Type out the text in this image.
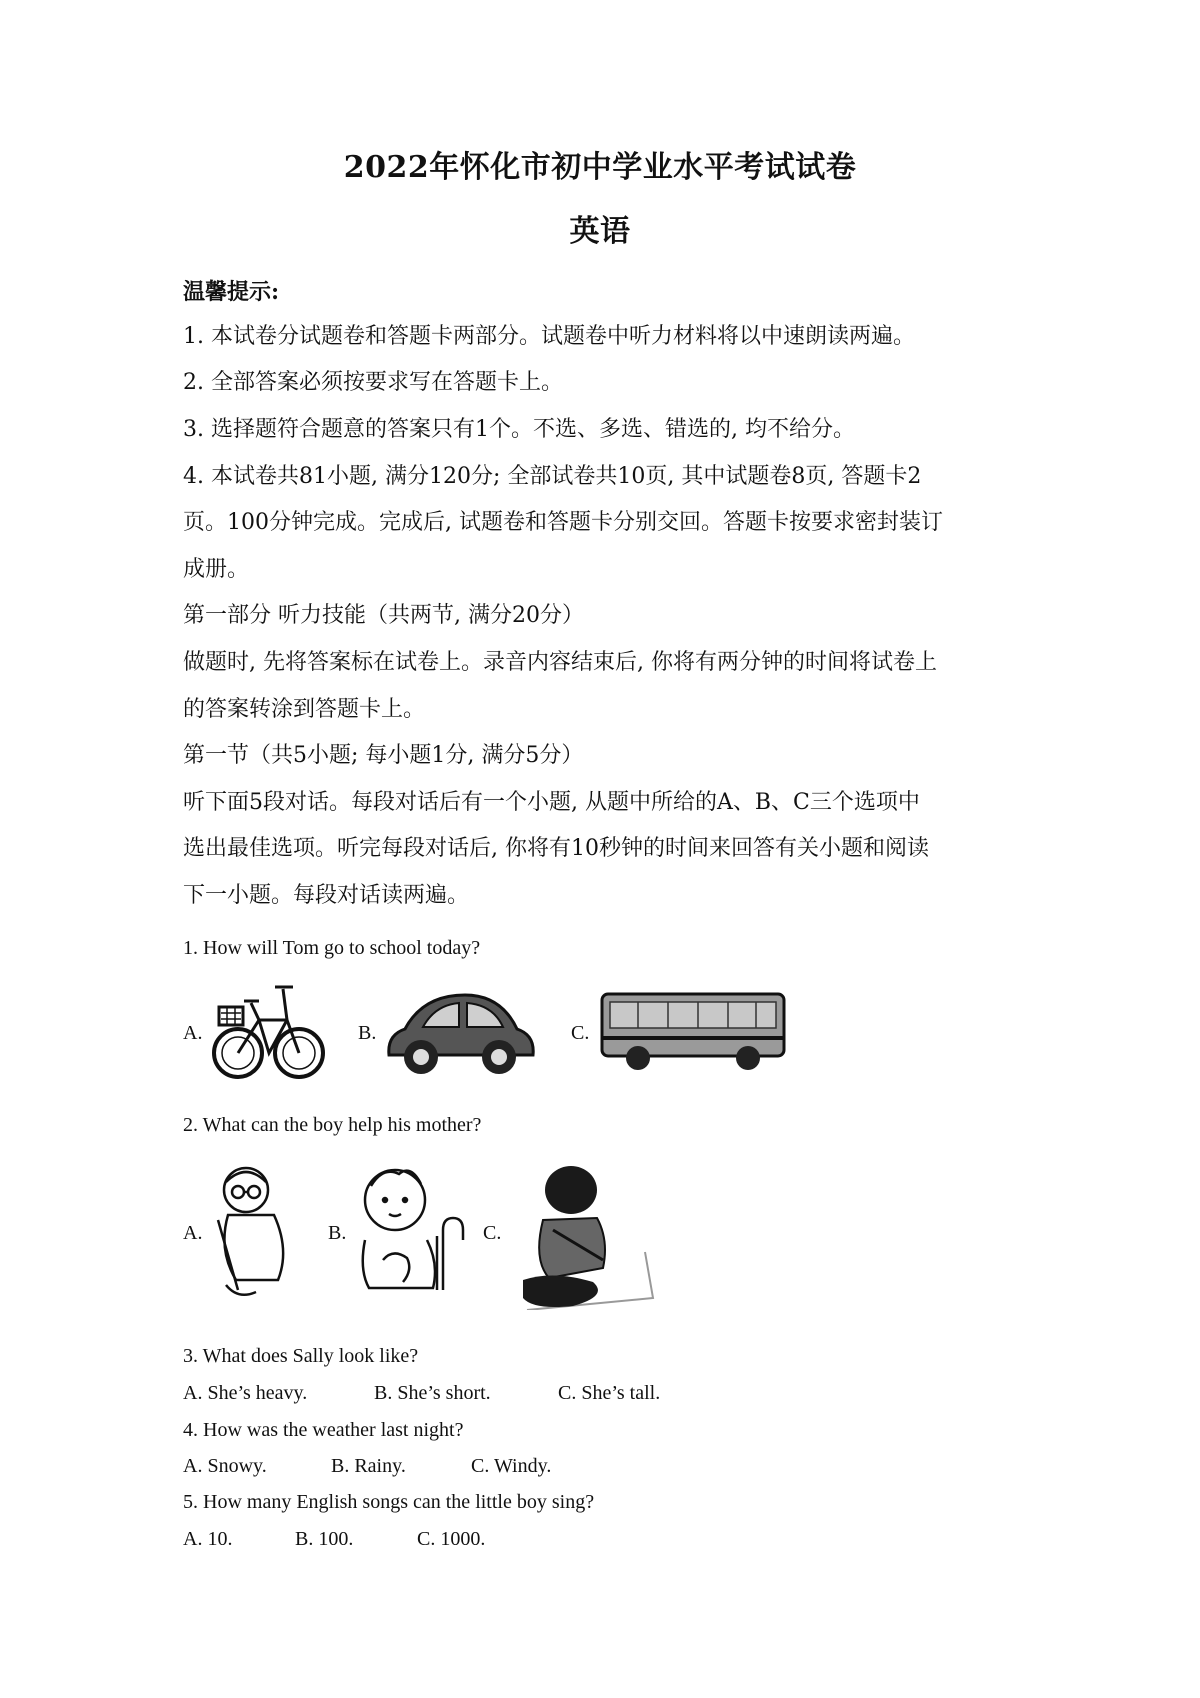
2022年怀化市初中学业水平考试试卷
英语
温馨提示:
1. 本试卷分试题卷和答题卡两部分。试题卷中听力材料将以中速朗读两遍。
2. 全部答案必须按要求写在答题卡上。
3. 选择题符合题意的答案只有1个。不选、多选、错选的, 均不给分。
4. 本试卷共81小题, 满分120分; 全部试卷共10页, 其中试题卷8页, 答题卡2
页。100分钟完成。完成后, 试题卷和答题卡分别交回。答题卡按要求密封装订
成册。
第一部分 听力技能（共两节, 满分20分）
做题时, 先将答案标在试卷上。录音内容结束后, 你将有两分钟的时间将试卷上
的答案转涂到答题卡上。
第一节（共5小题; 每小题1分, 满分5分）
听下面5段对话。每段对话后有一个小题, 从题中所给的A、B、C三个选项中
选出最佳选项。听完每段对话后, 你将有10秒钟的时间来回答有关小题和阅读
下一小题。每段对话读两遍。
1. How will Tom go to school today?
A.	B.	C.
2. What can the boy help his mother?
A.	B.	C.
3. What does Sally look like?
A. She’s heavy.	B. She’s short.	C. She’s tall.
4. How was the weather last night?
A. Snowy.	B. Rainy.	C. Windy.
5. How many English songs can the little boy sing?
A. 10.	B. 100.	C. 1000.
